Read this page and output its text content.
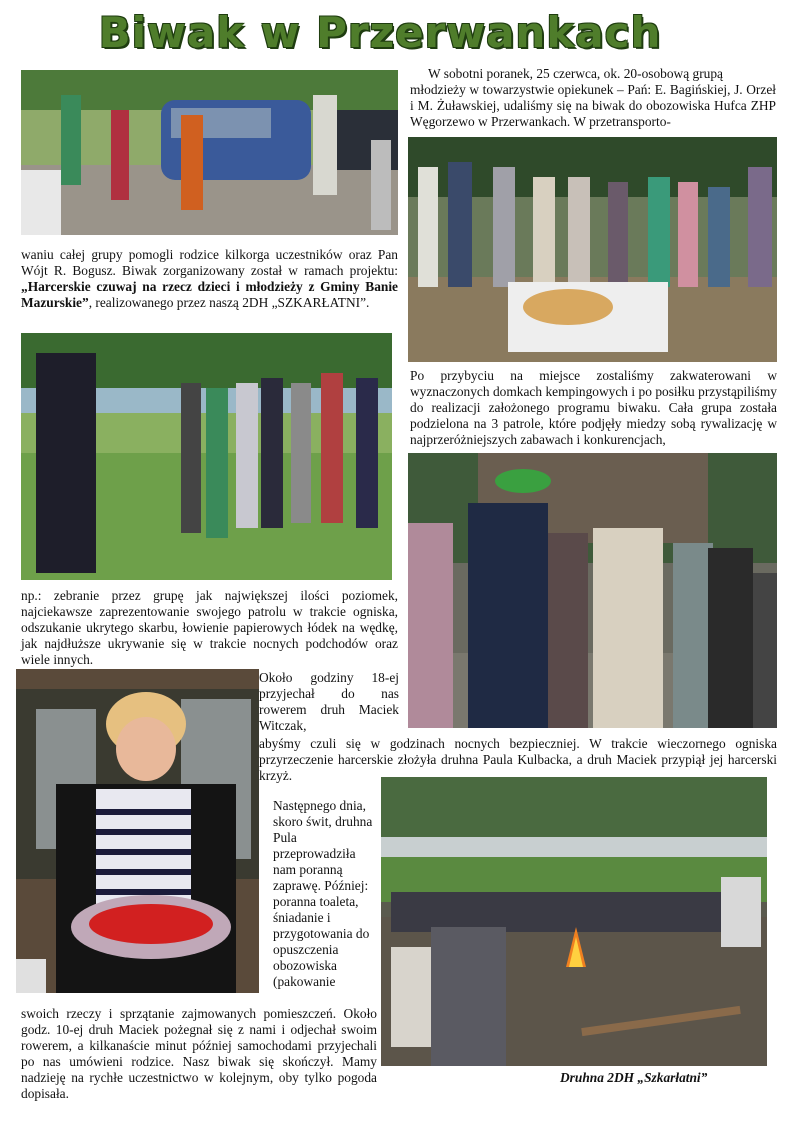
Biwak w Przerwankach
W sobotni poranek, 25 czerwca, ok. 20-osobową grupą
młodzieży w towarzystwie opiekunek – Pań: E. Bagińskiej, J. Orzeł i M. Żuławskiej, udaliśmy się na biwak do obozowiska Hufca ZHP Węgorzewo w Przerwankach. W przetransporto-

waniu całej grupy pomogli rodzice kilkorga uczestników oraz Pan Wójt R. Bogusz. Biwak zorganizowany został w ramach projektu: „Harcerskie czuwaj na rzecz dzieci i młodzieży z Gminy Banie Mazurskie”, realizowanego przez naszą 2DH „SZKARŁATNI”.

Po przybyciu na miejsce zostaliśmy zakwaterowani w wyznaczonych domkach kempingowych i po posiłku przystąpiliśmy do realizacji założonego programu biwaku. Cała grupa została podzielona na 3 patrole, które podjęły miedzy sobą rywalizację w najprzeróżniejszych zabawach i konkurencjach,

np.: zebranie przez grupę jak największej ilości poziomek, najciekawsze zaprezentowanie swojego patrolu w trakcie ogniska, odszukanie ukrytego skarbu, łowienie papierowych łódek na wędkę, jak najdłuższe ukrywanie się w trakcie nocnych podchodów oraz wiele innych.

Około godziny 18-ej przyjechał do nas rowerem druh Maciek Witczak,

abyśmy czuli się w godzinach nocnych bezpieczniej. W trakcie wieczornego ogniska przyrzeczenie harcerskie złożyła druhna Paula Kulbacka, a druh Maciek przypiął jej harcerski krzyż.

Następnego dnia, skoro świt, druhna Pula przeprowadziła nam poranną zaprawę. Później: poranna toaleta, śniadanie i przygotowania do opuszczenia obozowiska (pakowanie

swoich rzeczy i sprzątanie zajmowanych pomieszczeń. Około godz. 10-ej druh Maciek pożegnał się z nami i odjechał swoim rowerem, a kilkanaście minut później samochodami przyjechali po nas umówieni rodzice. Nasz biwak się skończył. Mamy nadzieję na rychłe uczestnictwo w kolejnym, oby tylko pogoda dopisała.

Druhna 2DH „Szkarłatni”
